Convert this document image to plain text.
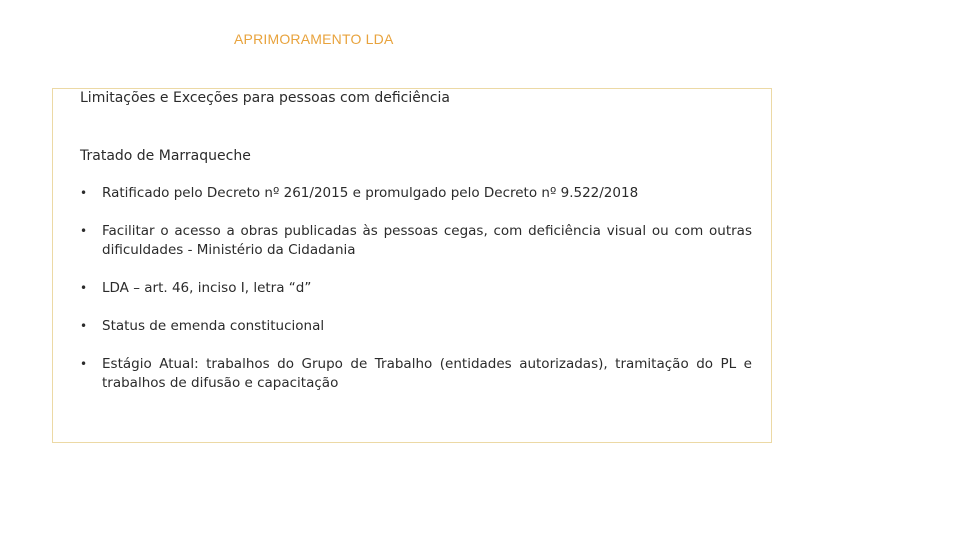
APRIMORAMENTO LDA
Limitações e Exceções para pessoas com deficiência
Tratado de Marraqueche
• Ratificado pelo Decreto nº 261/2015 e promulgado pelo Decreto nº 9.522/2018
• Facilitar o acesso a obras publicadas às pessoas cegas, com deficiência visual ou com outras dificuldades - Ministério da Cidadania
• LDA – art. 46, inciso I, letra “d”
• Status de emenda constitucional
• Estágio Atual: trabalhos do Grupo de Trabalho (entidades autorizadas), tramitação do PL e trabalhos de difusão e capacitação
